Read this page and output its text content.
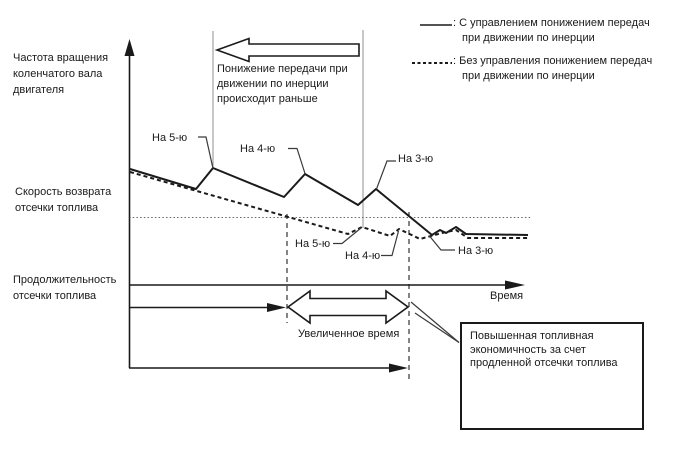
Частота вращения
коленчатого вала
двигателя
Скорость возврата
отсечки топлива
Продолжительность
отсечки топлива
: С управлением понижением передач
при движении по инерции
: Без управления понижением передач
при движении по инерции
Понижение передачи при
движении по инерции
происходит раньше
На 5-ю
На 4-ю
На 3-ю
На 5-ю
На 4-ю	На 3-ю
Время
Увеличенное время	Повышенная топливная
экономичность за счет
продленной отсечки топлива
